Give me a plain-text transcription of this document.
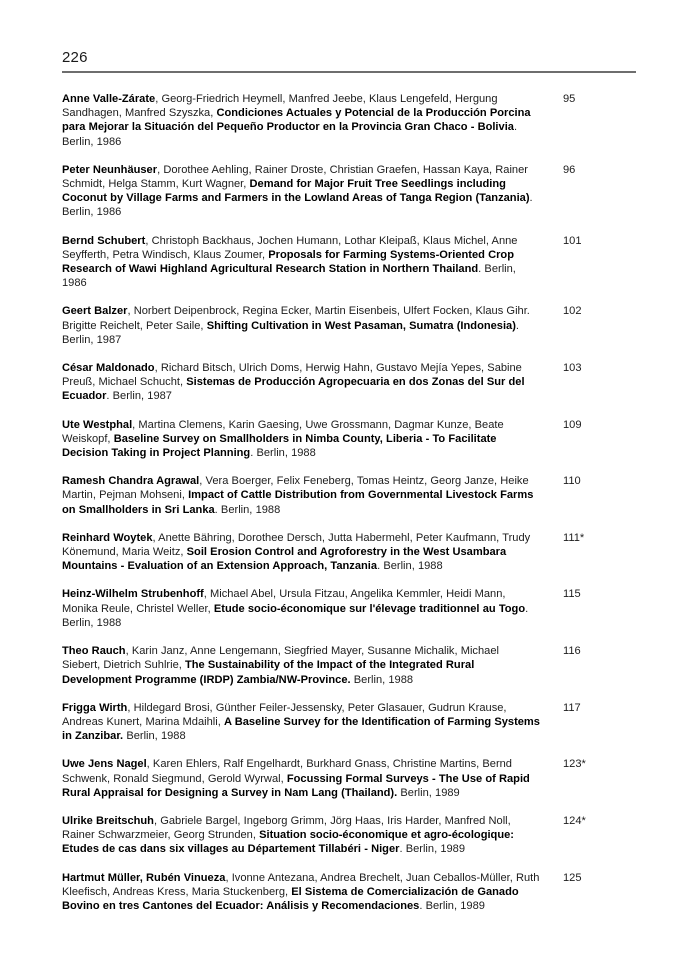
226
Anne Valle-Zárate, Georg-Friedrich Heymell, Manfred Jeebe, Klaus Lengefeld, Hergung Sandhagen, Manfred Szyszka, Condiciones Actuales y Potencial de la Producción Porcina para Mejorar la Situación del Pequeño Productor en la Provincia Gran Chaco - Bolivia. Berlin, 1986
95
Peter Neunhäuser, Dorothee Aehling, Rainer Droste, Christian Graefen, Hassan Kaya, Rainer Schmidt, Helga Stamm, Kurt Wagner, Demand for Major Fruit Tree Seedlings including Coconut by Village Farms and Farmers in the Lowland Areas of Tanga Region (Tanzania). Berlin, 1986
96
Bernd Schubert, Christoph Backhaus, Jochen Humann, Lothar Kleipaß, Klaus Michel, Anne Seyfferth, Petra Windisch, Klaus Zoumer, Proposals for Farming Systems-Oriented Crop Research of Wawi Highland Agricultural Research Station in Northern Thailand. Berlin, 1986
101
Geert Balzer, Norbert Deipenbrock, Regina Ecker, Martin Eisenbeis, Ulfert Focken, Klaus Gihr. Brigitte Reichelt, Peter Saile, Shifting Cultivation in West Pasaman, Sumatra (Indonesia). Berlin, 1987
102
César Maldonado, Richard Bitsch, Ulrich Doms, Herwig Hahn, Gustavo Mejía Yepes, Sabine Preuß, Michael Schucht, Sistemas de Producción Agropecuaria en dos Zonas del Sur del Ecuador. Berlin, 1987
103
Ute Westphal, Martina Clemens, Karin Gaesing, Uwe Grossmann, Dagmar Kunze, Beate Weiskopf, Baseline Survey on Smallholders in Nimba County, Liberia - To Facilitate Decision Taking in Project Planning. Berlin, 1988
109
Ramesh Chandra Agrawal, Vera Boerger, Felix Feneberg, Tomas Heintz, Georg Janze, Heike Martin, Pejman Mohseni, Impact of Cattle Distribution from Governmental Livestock Farms on Smallholders in Sri Lanka. Berlin, 1988
110
Reinhard Woytek, Anette Bähring, Dorothee Dersch, Jutta Habermehl, Peter Kaufmann, Trudy Könemund, Maria Weitz, Soil Erosion Control and Agroforestry in the West Usambara Mountains - Evaluation of an Extension Approach, Tanzania. Berlin, 1988
111*
Heinz-Wilhelm Strubenhoff, Michael Abel, Ursula Fitzau, Angelika Kemmler, Heidi Mann, Monika Reule, Christel Weller, Etude socio-économique sur l'élevage traditionnel au Togo. Berlin, 1988
115
Theo Rauch, Karin Janz, Anne Lengemann, Siegfried Mayer, Susanne Michalik, Michael Siebert, Dietrich Suhlrie, The Sustainability of the Impact of the Integrated Rural Development Programme (IRDP) Zambia/NW-Province. Berlin, 1988
116
Frigga Wirth, Hildegard Brosi, Günther Feiler-Jessensky, Peter Glasauer, Gudrun Krause, Andreas Kunert, Marina Mdaihli, A Baseline Survey for the Identification of Farming Systems in Zanzibar. Berlin, 1988
117
Uwe Jens Nagel, Karen Ehlers, Ralf Engelhardt, Burkhard Gnass, Christine Martins, Bernd Schwenk, Ronald Siegmund, Gerold Wyrwal, Focussing Formal Surveys - The Use of Rapid Rural Appraisal for Designing a Survey in Nam Lang (Thailand). Berlin, 1989
123*
Ulrike Breitschuh, Gabriele Bargel, Ingeborg Grimm, Jörg Haas, Iris Harder, Manfred Noll, Rainer Schwarzmeier, Georg Strunden, Situation socio-économique et agro-écologique: Etudes de cas dans six villages au Département Tillabéri - Niger. Berlin, 1989
124*
Hartmut Müller, Rubén Vinueza, Ivonne Antezana, Andrea Brechelt, Juan Ceballos-Müller, Ruth Kleefisch, Andreas Kress, Maria Stuckenberg, El Sistema de Comercialización de Ganado Bovino en tres Cantones del Ecuador: Análisis y Recomendaciones. Berlin, 1989
125
